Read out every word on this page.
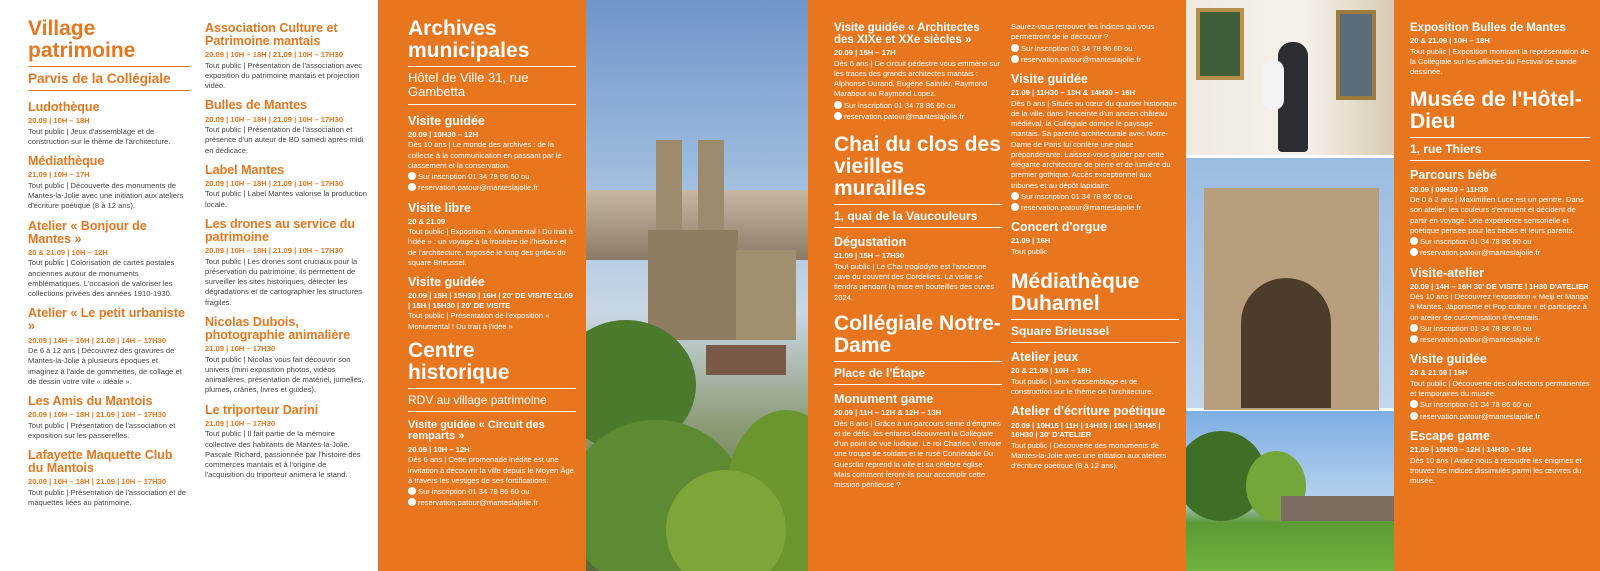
Village patrimoine
Parvis de la Collégiale
Ludothèque
20.09 | 10H – 18H
Tout public | Jeux d'assemblage et de construction sur le thème de l'architecture.
Médiathèque
21.09 | 10H – 17H
Tout public | Découverte des monuments de Mantes-la-Jolie avec une initiation aux ateliers d'écriture poétique (8 à 12 ans).
Atelier « Bonjour de Mantes »
20 & 21.09 | 10H – 12H
Tout public | Colorisation de cartes postales anciennes autour de monuments emblématiques. L'occasion de valoriser les collections privées des années 1910-1930.
Atelier « Le petit urbaniste »
20.09 | 14H – 16H | 21.09 | 14H – 17H30
De 6 à 12 ans | Découvrez des gravures de Mantes-la-Jolie à plusieurs époques et imaginez à l'aide de gommettes, de collage et de dessin votre ville « idéale ».
Les Amis du Mantois
20.09 | 10H – 18H | 21.09 | 10H – 17H30
Tout public | Présentation de l'association et exposition sur les passerelles.
Lafayette Maquette Club du Mantois
20.09 | 10H – 18H | 21.09 | 10H – 17H30
Tout public | Présentation de l'association et de maquettes liées au patrimoine.
Association Culture et Patrimoine mantais
20.09 | 10H – 18H | 21.09 | 10H – 17H30
Tout public | Présentation de l'association avec exposition du patrimoine mantais et projection vidéo.
Bulles de Mantes
20.09 | 10H – 18H | 21.09 | 10H – 17H30
Tout public | Présentation de l'association et présence d'un auteur de BD samedi après-midi en dédicace.
Label Mantes
20.09 | 10H – 18H | 21.09 | 10H – 17H30
Tout public | Label Mantes valorise la production locale.
Les drones au service du patrimoine
20.09 | 10H – 18H | 21.09 | 10H – 17H30
Tout public | Les drones sont cruciaux pour la préservation du patrimoine, ils permettent de surveiller les sites historiques, détecter les dégradations et de cartographier les structures fragiles.
Nicolas Dubois, photographie animalière
21.09 | 10H – 17H30
Tout public | Nicolas vous fait découvrir son univers (mini exposition photos, vidéos animalières, présentation de matériel, jumelles, plumes, crânes, livres et guides).
Le triporteur Darini
21.09 | 10H – 17H30
Tout public | Il fait partie de la mémoire collective des habitants de Mantes-la-Jolie. Pascale Richard, passionnée par l'histoire des commerces mantais et à l'origine de l'acquisition du triporteur animera le stand.
Archives municipales
Hôtel de Ville 31, rue Gambetta
Visite guidée
20.09 | 10H30 – 12H
Dès 10 ans | Le monde des archives : de la collecte à la communication en passant par le classement et la conservation.
Sur inscription 01 34 78 86 60 ou
reservation.patour@manteslajolie.fr
Visite libre
20 & 21.09
Tout public | Exposition « Monumental ! Du trait à l'idée » : un voyage à la frontière de l'histoire et de l'architecture, exposée le long des grilles du square Brieussel.
Visite guidée
20.09 | 15H | 15H30 | 16H | 20' DE VISITE 21.09 | 15H | 15H30 | 20' DE VISITE
Tout public | Présentation de l'exposition « Monumental ! Du trait à l'idée »
Centre historique
RDV au village patrimoine
Visite guidée « Circuit des remparts »
20.09 | 10H – 12H
Dès 6 ans | Cette promenade inédite est une invitation à découvrir la ville depuis le Moyen Âge à travers les vestiges de ses fortifications.
Sur inscription 01 34 78 86 60 ou
reservation.patour@manteslajolie.fr
Visite guidée « Architectes des XIXe et XXe siècles »
20.09 | 15H – 17H
Dès 6 ans | Ce circuit pédestre vous emmène sur les traces des grands architectes mantais : Alphonse Durand, Eugène Saintier, Raymond Marabout ou Raymond Lopez.
Sur inscription 01 34 78 86 60 ou
reservation.patour@manteslajolie.fr
Chai du clos des vieilles murailles
1, quai de la Vaucouleurs
Dégustation
21.09 | 15H – 17H30
Tout public | Le Chai troglodyte est l'ancienne cave du couvent des Cordeliers. La visite se tiendra pendant la mise en bouteilles des cuves 2024.
Collégiale Notre-Dame
Place de l'Étape
Monument game
20.09 | 11H – 12H & 12H – 13H
Dès 8 ans | Grâce à un parcours semé d'énigmes et de défis, les enfants découvrent la Collégiale d'un point de vue ludique. Le roi Charles V envoie une troupe de soldats et le rusé Connétable Du Guesclin reprend la ville et sa célèbre église. Mais comment feront-ils pour accomplir cette mission périlleuse ?
Saurez-vous retrouver les indices qui vous permettront de le découvrir ?
Sur inscription 01 34 78 86 60 ou
reservation.patour@manteslajolie.fr
Visite guidée
21.09 | 11H30 – 13H & 14H30 – 16H
Dès 6 ans | Située au cœur du quartier historique de la ville, dans l'enceinte d'un ancien château médiéval, la Collégiale domine le paysage mantais. Sa parenté architecturale avec Notre-Dame de Paris lui confère une place prépondérante. Laissez-vous guider par cette élégante architecture de pierre et de lumière du premier gothique. Accès exceptionnel aux tribunes et au dépôt lapidaire.
Sur inscription 01 34 78 86 60 ou
reservation.patour@manteslajolie.fr
Concert d'orgue
21.09 | 16H
Tout public
Médiathèque Duhamel
Square Brieussel
Atelier jeux
20 & 21.09 | 10H – 18H
Tout public | Jeux d'assemblage et de construction sur le thème de l'architecture.
Atelier d'écriture poétique
20.09 | 10H15 | 11H | 14H15 | 15H | 15H45 | 16H30 | 30' D'ATELIER
Tout public | Découverte des monuments de Mantes-la-Jolie avec une initiation aux ateliers d'écriture poétique (8 à 12 ans).
Exposition Bulles de Mantes
20 & 21.09 | 10H – 18H
Tout public | Exposition montrant la représentation de la Collégiale sur les affiches du Festival de bande dessinée.
Musée de l'Hôtel-Dieu
1, rue Thiers
Parcours bébé
20.09 | 09H30 – 11H30
De 0 à 2 ans | Maximilien Luce est un peintre. Dans son atelier, les couleurs s'ennuient et décident de partir en voyage. Une expérience sensorielle et poétique pensée pour les bébés et leurs parents.
Sur inscription 01 34 78 86 60 ou
reservation.patour@manteslajolie.fr
Visite-atelier
20.09 | 14H – 16H 30' DE VISITE | 1H30 D'ATELIER
Dès 10 ans | Découvrez l'exposition « Meiji et Manga à Mantes, Japonisme et Pop culture » et participez à un atelier de customisation d'éventails.
Sur inscription 01 34 78 86 60 ou
reservation.patour@manteslajolie.fr
Visite guidée
20 & 21.09 | 15H
Tout public | Découverte des collections permanentes et temporaires du musée.
Sur inscription 01 34 78 86 60 ou
reservation.patour@manteslajolie.fr
Escape game
21.09 | 10H30 – 12H | 14H30 – 16H
Dès 10 ans | Aidez-nous à résoudre les énigmes et trouvez les indices dissimulés parmi les œuvres du musée.
